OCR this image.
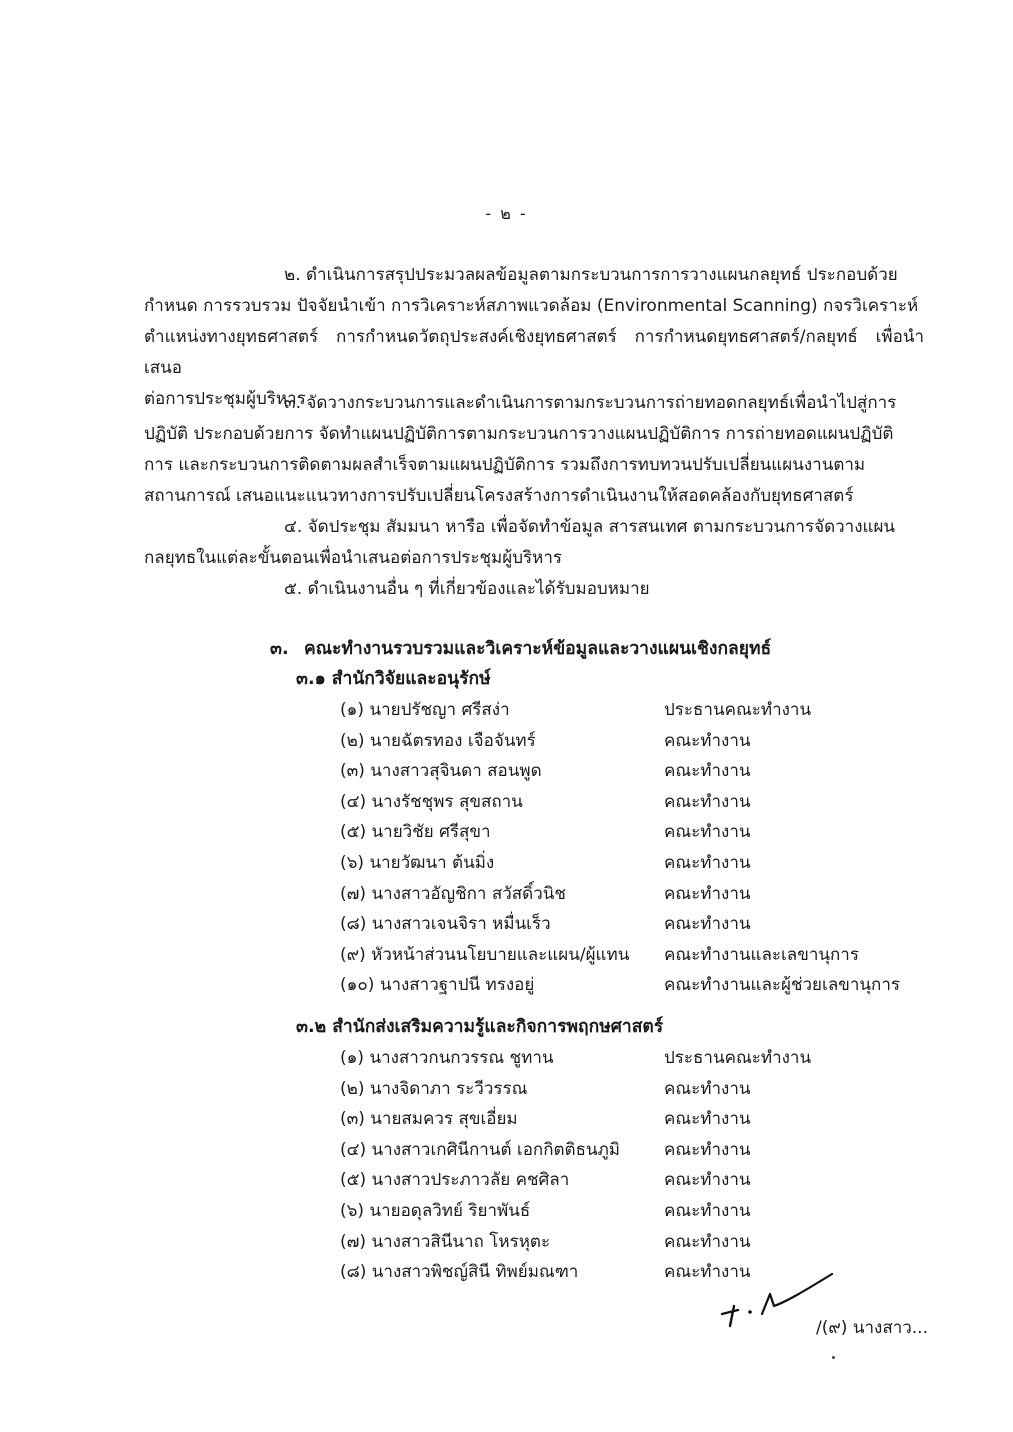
- ๒ -
๒. ดำเนินการสรุปประมวลผลข้อมูลตามกระบวนการการวางแผนกลยุทธ์ ประกอบด้วย
กำหนด การรวบรวม ปัจจัยนำเข้า การวิเคราะห์สภาพแวดล้อม (Environmental Scanning) กจรวิเคราะห์
ตำแหน่งทางยุทธศาสตร์ การกำหนดวัตถุประสงค์เชิงยุทธศาสตร์ การกำหนดยุทธศาสตร์/กลยุทธ์ เพื่อนำเสนอ
ต่อการประชุมผู้บริหาร
๓. จัดวางกระบวนการและดำเนินการตามกระบวนการถ่ายทอดกลยุทธ์เพื่อนำไปสู่การ
ปฏิบัติ ประกอบด้วยการ จัดทำแผนปฏิบัติการตามกระบวนการวางแผนปฏิบัติการ การถ่ายทอดแผนปฏิบัติ
การ และกระบวนการติดตามผลสำเร็จตามแผนปฏิบัติการ รวมถึงการทบทวนปรับเปลี่ยนแผนงานตาม
สถานการณ์ เสนอแนะแนวทางการปรับเปลี่ยนโครงสร้างการดำเนินงานให้สอดคล้องกับยุทธศาสตร์
๔. จัดประชุม สัมมนา หารือ เพื่อจัดทำข้อมูล สารสนเทศ ตามกระบวนการจัดวางแผน
กลยุทธในแต่ละขั้นตอนเพื่อนำเสนอต่อการประชุมผู้บริหาร
๕. ดำเนินงานอื่น ๆ ที่เกี่ยวข้องและได้รับมอบหมาย
๓. คณะทำงานรวบรวมและวิเคราะห์ข้อมูลและวางแผนเชิงกลยุทธ์
๓.๑ สำนักวิจัยและอนุรักษ์
(๑) นายปรัชญา ศรีสง่า	ประธานคณะทำงาน
(๒) นายฉัตรทอง เจือจันทร์	คณะทำงาน
(๓) นางสาวสุจินดา สอนพูด	คณะทำงาน
(๔) นางรัชชุพร สุขสถาน	คณะทำงาน
(๕) นายวิชัย ศรีสุขา	คณะทำงาน
(๖) นายวัฒนา ต้นมิ่ง	คณะทำงาน
(๗) นางสาวอัญชิกา สวัสดิ์วนิช	คณะทำงาน
(๘) นางสาวเจนจิรา หมื่นเร็ว	คณะทำงาน
(๙) หัวหน้าส่วนนโยบายและแผน/ผู้แทน คณะทำงานและเลขานุการ
(๑๐) นางสาวฐาปนี ทรงอยู่	คณะทำงานและผู้ช่วยเลขานุการ
๓.๒ สำนักส่งเสริมความรู้และกิจการพฤกษศาสตร์
(๑) นางสาวกนกวรรณ ชูทาน	ประธานคณะทำงาน
(๒) นางจิดาภา ระวีวรรณ	คณะทำงาน
(๓) นายสมควร สุขเอี่ยม	คณะทำงาน
(๔) นางสาวเกศินีกานต์ เอกกิตติธนภูมิ	คณะทำงาน
(๕) นางสาวประภาวลัย คชศิลา	คณะทำงาน
(๖) นายอดุลวิทย์ ริยาพันธ์	คณะทำงาน
(๗) นางสาวสินีนาถ โหรหุตะ	คณะทำงาน
(๘) นางสาวพิชญ์สินี ทิพย์มณฑา	คณะทำงาน
/(๙) นางสาว...
